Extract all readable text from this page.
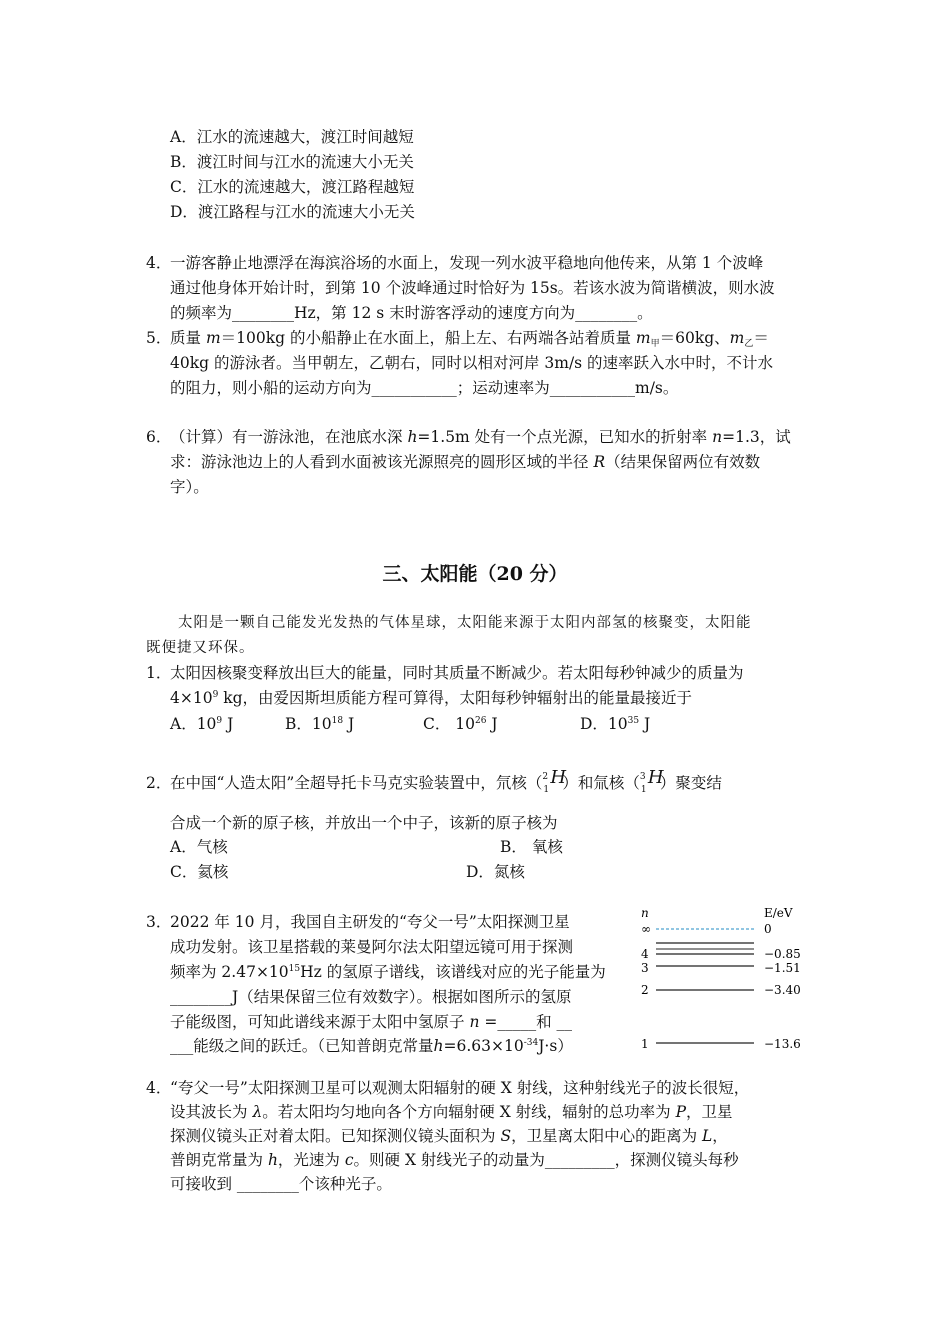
A．江水的流速越大，渡江时间越短
B．渡江时间与江水的流速大小无关
C．江水的流速越大，渡江路程越短
D．渡江路程与江水的流速大小无关
4．
一游客静止地漂浮在海滨浴场的水面上，发现一列水波平稳地向他传来，从第 1 个波峰
通过他身体开始计时，到第 10 个波峰通过时恰好为 15s。若该水波为简谐横波，则水波
的频率为________Hz，第 12 s 末时游客浮动的速度方向为________。
5．
质量 m＝100kg 的小船静止在水面上，船上左、右两端各站着质量 $m_甲=60kg$、$m_乙=$
40kg 的游泳者。当甲朝左，乙朝右，同时以相对河岸 3m/s 的速率跃入水中时，不计水
的阻力，则小船的运动方向为___________；运动速率为___________m/s。
6．
（计算）有一游泳池，在池底水深 h=1.5m 处有一个点光源，已知水的折射率 n=1.3，试
求：游泳池边上的人看到水面被该光源照亮的圆形区域的半径 R（结果保留两位有效数
字）。
三、太阳能（20 分）
太阳是一颗自己能发光发热的气体星球，太阳能来源于太阳内部氢的核聚变，太阳能
既便捷又环保。
1．
太阳因核聚变释放出巨大的能量，同时其质量不断减少。若太阳每秒钟减少的质量为
$4\times 10^9$ kg，由爱因斯坦质能方程可算得，太阳每秒钟辐射出的能量最接近于
A．$10^9$ J	B．$10^{18}$ J	C． $10^{26}$ J	D．$10^{35}$ J
2．
在中国“人造太阳”全超导托卡马克实验装置中，氘核（ 2
1
H
）和氚核（ 3
1
H
）聚变结
合成一个新的原子核，并放出一个中子，该新的原子核为
A．气核	B． 氧核
C．氦核	D．氮核
3．
2022 年 10 月，我国自主研发的“夸父一号”太阳探测卫星
成功发射。该卫星搭载的莱曼阿尔法太阳望远镜可用于探测
频率为 $2.47\times 10^{15}Hz$ 的氢原子谱线，该谱线对应的光子能量为
________J（结果保留三位有效数字）。根据如图所示的氢原
子能级图，可知此谱线来源于太阳中氢原子 n =_____和 __
___能级之间的跃迁。（已知普朗克常量$h=6.63\times 10^{-34}J\cdot s$）
n	E/eV
∞	0
4	−0.85
3	−1.51
2	−3.40
1	−13.6
4．
“夸父一号”太阳探测卫星可以观测太阳辐射的硬 X 射线，这种射线光子的波长很短，
设其波长为 λ。若太阳均匀地向各个方向辐射硬 X 射线，辐射的总功率为 P，卫星
探测仪镜头正对着太阳。已知探测仪镜头面积为 S，卫星离太阳中心的距离为 L，
普朗克常量为 h，光速为 c。则硬 X 射线光子的动量为_________，探测仪镜头每秒
可接收到 ________个该种光子。
